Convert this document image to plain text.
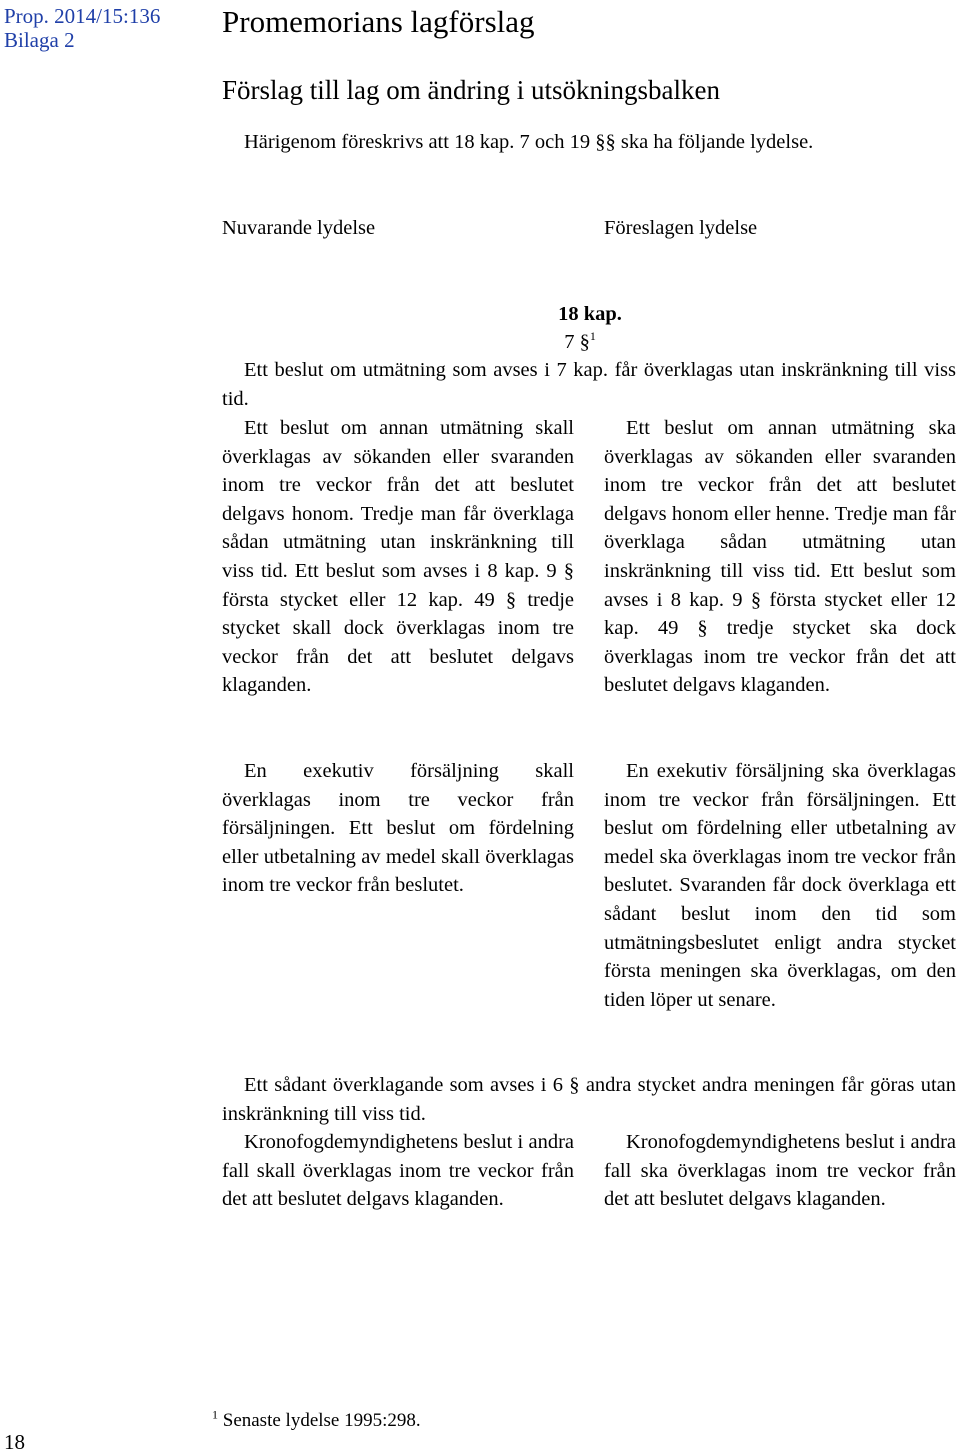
Prop. 2014/15:136
Bilaga 2
Promemorians lagförslag
Förslag till lag om ändring i utsökningsbalken
Härigenom föreskrivs att 18 kap. 7 och 19 §§ ska ha följande lydelse.
Nuvarande lydelse	Föreslagen lydelse
18 kap.
7 §$^1$

Ett beslut om utmätning som avses i 7 kap. får överklagas utan inskränkning till viss tid.

Ett beslut om annan utmätning skall överklagas av sökanden eller svaranden inom tre veckor från det att beslutet delgavs honom. Tredje man får överklaga sådan utmätning utan inskränkning till viss tid. Ett beslut som avses i 8 kap. 9 § första stycket eller 12 kap. 49 § tredje stycket skall dock överklagas inom tre veckor från det att beslutet delgavs klaganden.

Ett beslut om annan utmätning ska överklagas av sökanden eller svaranden inom tre veckor från det att beslutet delgavs honom eller henne. Tredje man får överklaga sådan utmätning utan inskränkning till viss tid. Ett beslut som avses i 8 kap. 9 § första stycket eller 12 kap. 49 § tredje stycket ska dock överklagas inom tre veckor från det att beslutet delgavs klaganden.

En exekutiv försäljning skall överklagas inom tre veckor från försäljningen. Ett beslut om fördelning eller utbetalning av medel skall överklagas inom tre veckor från beslutet.

En exekutiv försäljning ska överklagas inom tre veckor från försäljningen. Ett beslut om fördelning eller utbetalning av medel ska överklagas inom tre veckor från beslutet. Svaranden får dock överklaga ett sådant beslut inom den tid som utmätningsbeslutet enligt andra stycket första meningen ska överklagas, om den tiden löper ut senare.

Ett sådant överklagande som avses i 6 § andra stycket andra meningen får göras utan inskränkning till viss tid.

Kronofogdemyndighetens beslut i andra fall skall överklagas inom tre veckor från det att beslutet delgavs klaganden.

Kronofogdemyndighetens beslut i andra fall ska överklagas inom tre veckor från det att beslutet delgavs klaganden.

$^1$ Senaste lydelse 1995:298.
18
